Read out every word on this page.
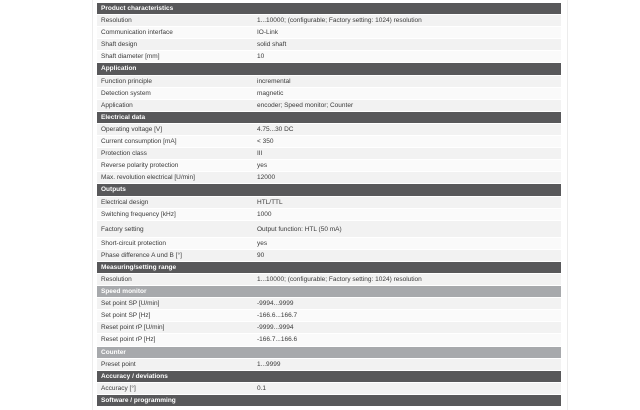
Product characteristics
Resolution	1...10000; (configurable; Factory setting: 1024) resolution
Communication interface	IO-Link
Shaft design	solid shaft
Shaft diameter [mm]	10
Application
Function principle	incremental
Detection system	magnetic
Application	encoder; Speed monitor; Counter
Electrical data
Operating voltage [V]	4.75...30 DC
Current consumption [mA]	< 350
Protection class	III
Reverse polarity protection	yes
Max. revolution electrical [U/min]	12000
Outputs
Electrical design	HTL/TTL
Switching frequency [kHz]	1000
Factory setting	Output function: HTL (50 mA)
Short-circuit protection	yes
Phase difference A und B [°]	90
Measuring/setting range
Resolution	1...10000; (configurable; Factory setting: 1024) resolution
Speed monitor
Set point SP [U/min]	-9994...9999
Set point SP [Hz]	-166.6...166.7
Reset point rP [U/min]	-9999...9994
Reset point rP [Hz]	-166.7...166.6
Counter
Preset point	1...9999
Accuracy / deviations
Accuracy [°]	0.1
Software / programming
